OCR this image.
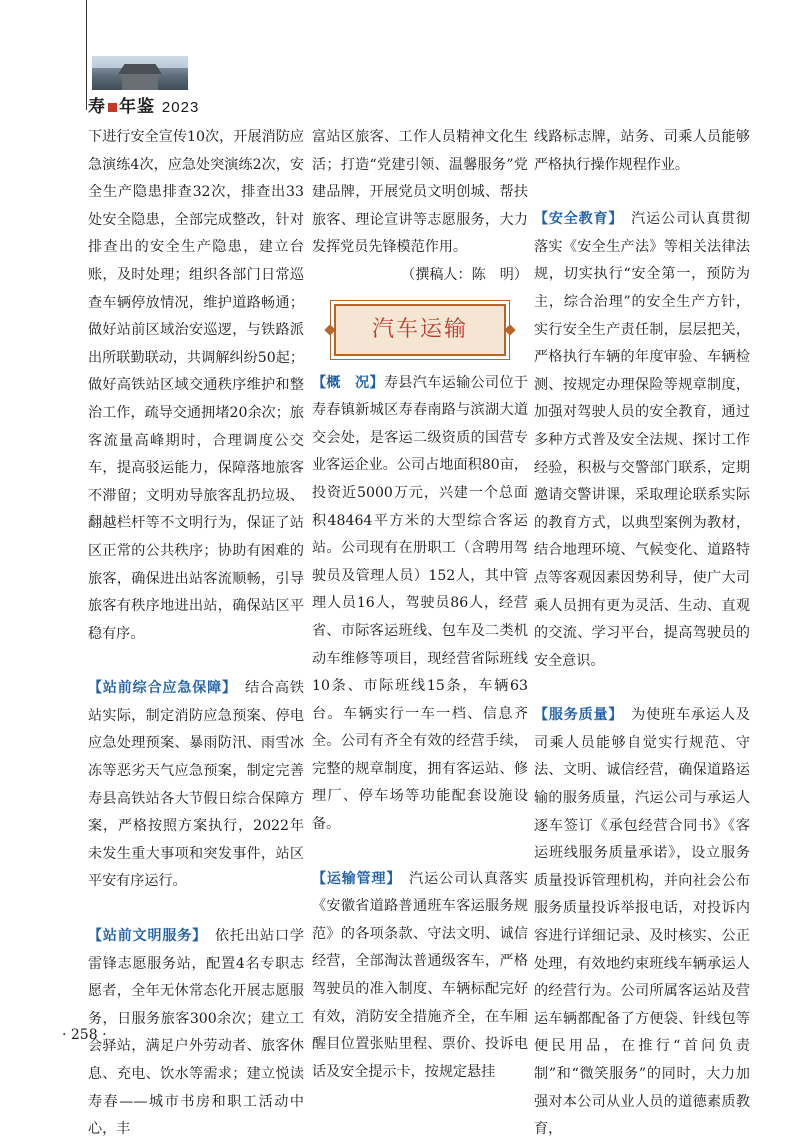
寿 年鉴 2023

下进行安全宣传10次，开展消防应急演练4次，应急处突演练2次，安全生产隐患排查32次，排查出33处安全隐患，全部完成整改，针对排查出的安全生产隐患，建立台账，及时处理；组织各部门日常巡查车辆停放情况，维护道路畅通；做好站前区域治安巡逻，与铁路派出所联勤联动，共调解纠纷50起；做好高铁站区域交通秩序维护和整治工作，疏导交通拥堵20余次；旅客流量高峰期时，合理调度公交车，提高驳运能力，保障落地旅客不滞留；文明劝导旅客乱扔垃圾、翻越栏杆等不文明行为，保证了站区正常的公共秩序；协助有困难的旅客，确保进出站客流顺畅，引导旅客有秩序地进出站，确保站区平稳有序。

【站前综合应急保障】　结合高铁站实际，制定消防应急预案、停电应急处理预案、暴雨防汛、雨雪冰冻等恶劣天气应急预案，制定完善寿县高铁站各大节假日综合保障方案，严格按照方案执行，2022年未发生重大事项和突发事件，站区平安有序运行。

【站前文明服务】　依托出站口学雷锋志愿服务站，配置4名专职志愿者，全年无休常态化开展志愿服务，日服务旅客300余次；建立工会驿站，满足户外劳动者、旅客休息、充电、饮水等需求；建立悦读寿春——城市书房和职工活动中心，丰

富站区旅客、工作人员精神文化生活；打造“党建引领、温馨服务”党建品牌，开展党员文明创城、帮扶旅客、理论宣讲等志愿服务，大力发挥党员先锋模范作用。

（撰稿人：陈　明）

汽车运输

【概　况】寿县汽车运输公司位于寿春镇新城区寿春南路与滨湖大道交会处，是客运二级资质的国营专业客运企业。公司占地面积80亩，投资近5000万元，兴建一个总面积48464平方米的大型综合客运站。公司现有在册职工（含聘用驾驶员及管理人员）152人，其中管理人员16人，驾驶员86人，经营省、市际客运班线、包车及二类机动车维修等项目，现经营省际班线10条、市际班线15条，车辆63台。车辆实行一车一档、信息齐全。公司有齐全有效的经营手续，完整的规章制度，拥有客运站、修理厂、停车场等功能配套设施设备。

【运输管理】　汽运公司认真落实《安徽省道路普通班车客运服务规范》的各项条款、守法文明、诚信经营，全部淘汰普通级客车，严格驾驶员的准入制度、车辆标配完好有效，消防安全措施齐全，在车厢醒目位置张贴里程、票价、投诉电话及安全提示卡，按规定悬挂

线路标志牌，站务、司乘人员能够严格执行操作规程作业。

【安全教育】　汽运公司认真贯彻落实《安全生产法》等相关法律法规，切实执行“安全第一，预防为主，综合治理”的安全生产方针，实行安全生产责任制，层层把关，严格执行车辆的年度审验、车辆检测、按规定办理保险等规章制度，加强对驾驶人员的安全教育，通过多种方式普及安全法规、探讨工作经验，积极与交警部门联系，定期邀请交警讲课，采取理论联系实际的教育方式，以典型案例为教材，结合地理环境、气候变化、道路特点等客观因素因势利导，使广大司乘人员拥有更为灵活、生动、直观的交流、学习平台，提高驾驶员的安全意识。

【服务质量】　为使班车承运人及司乘人员能够自觉实行规范、守法、文明、诚信经营，确保道路运输的服务质量，汽运公司与承运人逐车签订《承包经营合同书》《客运班线服务质量承诺》，设立服务质量投诉管理机构，并向社会公布服务质量投诉举报电话，对投诉内容进行详细记录、及时核实、公正处理，有效地约束班线车辆承运人的经营行为。公司所属客运站及营运车辆都配备了方便袋、针线包等便民用品，在推行“首问负责制”和“微笑服务”的同时，大力加强对本公司从业人员的道德素质教育，

· 258 ·
